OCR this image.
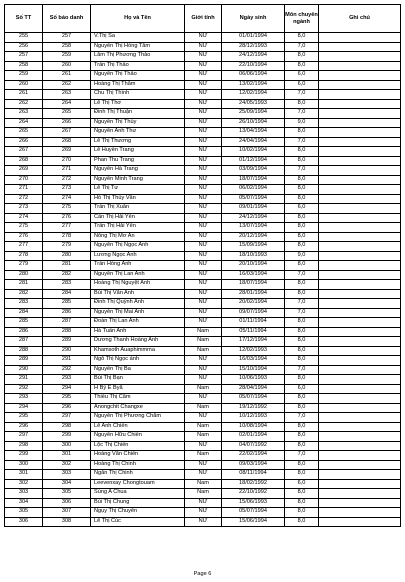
Số TT	Số báo danh	Họ và Tên	Giới tính	Ngày sinh	Môn chuyên ngành	Ghi chú
255	257	V.Thị Sa	NỮ	01/01/1994	8,0	
256	258	Nguyễn Thị Hồng Tâm	NỮ	28/12/1993	7,0	
257	259	Lâm Thị Phương Thảo	NỮ	24/12/1994	8,0	
258	260	Trần Thị Thảo	NỮ	22/10/1994	8,0	
259	261	Nguyễn Thị Thảo	NỮ	06/06/1994	6,0	
260	262	Hoàng Thị Thắm	NỮ	13/02/1994	6,0	
261	263	Chu Thị Thình	NỮ	12/02/1994	7,0	
262	264	Lê Thị Thơ	NỮ	24/05/1993	8,0	
263	265	Đinh Thị Thuận	NỮ	25/09/1994	7,0	
264	266	Nguyễn Thị Thùy	NỮ	26/10/1994	9,0	
265	267	Nguyễn Anh Thư	NỮ	13/04/1994	8,0	
266	268	Lê Thị Thương	NỮ	24/04/1994	7,0	
267	269	Lê Huyền Trang	NỮ	10/02/1994	8,0	
268	270	Phan Thu Trang	NỮ	01/12/1994	8,0	
269	271	Nguyễn Hà Trang	NỮ	03/09/1994	7,0	
270	272	Nguyễn Minh Trang	NỮ	18/07/1994	8,0	
271	273	Lê Thị Tư	NỮ	06/02/1994	8,0	
272	274	Hồ Thị Thúy Vân	NỮ	05/07/1994	8,0	
273	275	Trần Thị Xuân	NỮ	09/01/1994	6,0	
274	276	Cấn Thị Hải Yến	NỮ	24/12/1994	8,0	
275	277	Trần Thị Hải Yến	NỮ	13/07/1994	8,0	
276	278	Nông Thị Mơ An	NỮ	20/12/1994	8,0	
277	279	Nguyễn Thị Ngọc Anh	NỮ	15/09/1994	8,0	
278	280	Lương Ngọc Anh	NỮ	18/10/1993	9,0	
279	281	Trần Hồng Anh	NỮ	20/10/1994	8,0	
280	282	Nguyễn Thị Lan Anh	NỮ	16/03/1994	7,0	
281	283	Hoàng Thị Nguyệt Anh	NỮ	18/07/1994	8,0	
282	284	Bùi Thị Vân Anh	NỮ	28/01/1994	8,0	
283	285	Đinh Thị Quỳnh Anh	NỮ	20/02/1994	7,0	
284	286	Nguyễn Thị Mai Anh	NỮ	09/07/1994	7,0	
285	287	Đoàn Thị Lan Anh	NỮ	01/11/1994	8,0	
286	288	Hà Tuấn Anh	Nam	05/11/1994	8,0	
287	289	Dương Thanh Hoàng Anh	Nam	17/12/1994	8,0	
288	290	Khamsoth Auaphimmma	Nam	12/02/1993	8,0	
289	291	Ngô Thị Ngọc ánh	NỮ	16/03/1994	8,0	
290	292	Nguyễn Thị Ba	NỮ	15/10/1994	7,0	
291	293	Bùi Thị Bạn	NỮ	10/06/1993	8,0	
292	294	H Bý Ê Byă	Nam	28/04/1994	6,0	
293	295	Thiều Thị Cẩm	NỮ	05/07/1994	8,0	
294	296	Anongchit Changxe	Nam	19/12/1992	8,0	
295	297	Nguyễn Thị Phương Chăm	NỮ	10/12/1993	7,0	
296	298	Lê Anh Chiến	Nam	10/08/1994	8,0	
297	299	Nguyễn Hữu Chiến	Nam	02/01/1994	8,0	
298	300	Lộc Thị Chiến	NỮ	04/07/1992	8,0	
299	301	Hoàng Văn Chiến	Nam	22/02/1994	7,0	
300	302	Hoàng Thị Chinh	NỮ	09/03/1994	8,0	
301	303	Ngân Thị Chinh	NỮ	08/11/1994	8,0	
302	304	Leevenxay Chongtouam	Nam	18/02/1992	6,0	
303	305	Sùng A Chua	Nam	22/10/1992	8,0	
304	306	Bùi Thị Chung	NỮ	15/06/1993	8,0	
305	307	Ngụy Thị Chuyên	NỮ	05/07/1994	8,0	
306	308	Lê Thị Cúc	NỮ	15/06/1994	8,0	
Page 6
